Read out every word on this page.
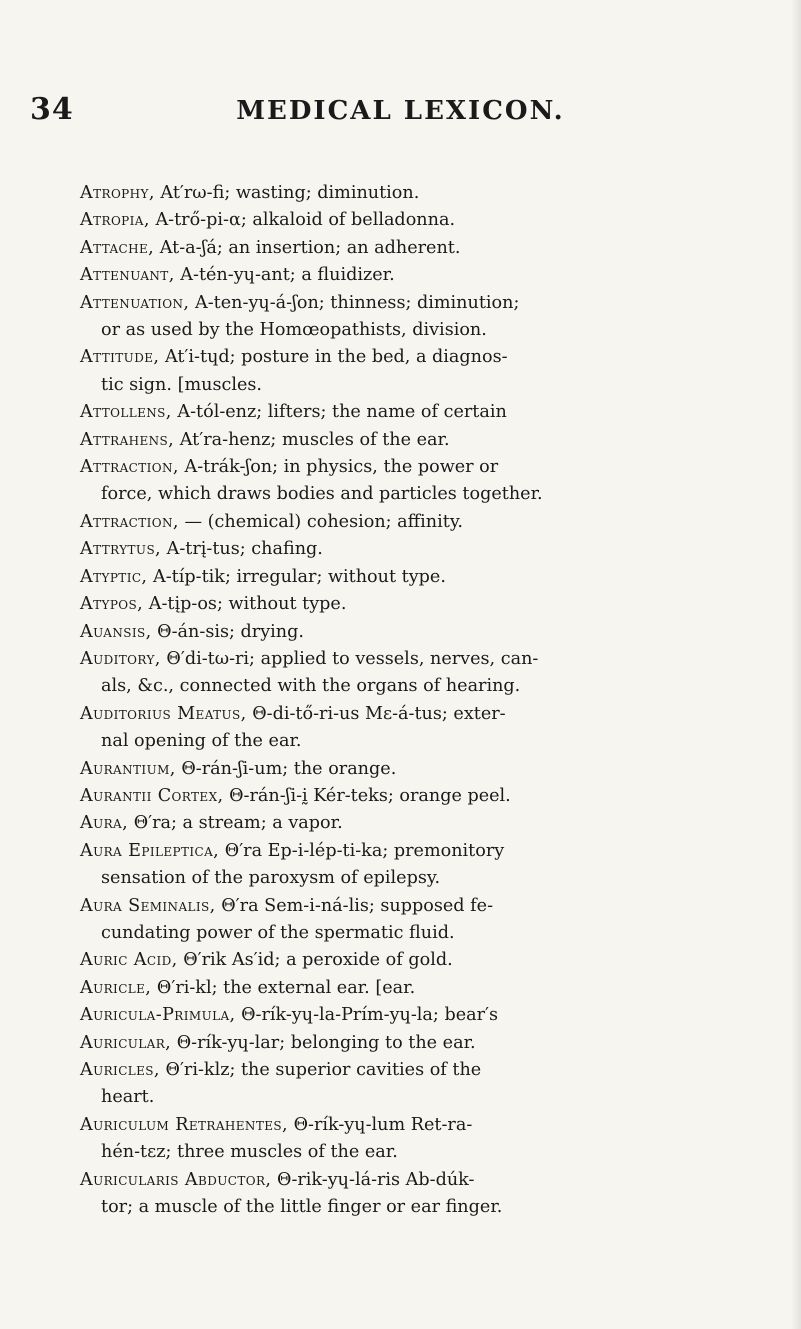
34	MEDICAL LEXICON.
Atrophy, At′rω-fi; wasting; diminution.
Atropia, A-trő-pi-α; alkaloid of belladonna.
Attache, At-a-ʃá; an insertion; an adherent.
Attenuant, A-tén-yɥ-ant; a fluidizer.
Attenuation, A-ten-yɥ-á-ʃon; thinness; diminution;
or as used by the Homœopathists, division.
Attitude, At′i-tɥd; posture in the bed, a diagnos-
tic sign. [muscles.
Attollens, A-tól-enz; lifters; the name of certain
Attrahens, At′ra-henz; muscles of the ear.
Attraction, A-trák-ʃon; in physics, the power or
force, which draws bodies and particles together.
Attraction, — (chemical) cohesion; affinity.
Attrytus, A-trį-tus; chafing.
Atyptic, A-típ-tik; irregular; without type.
Atypos, A-tįp-os; without type.
Auansis, Θ-án-sis; drying.
Auditory, Θ′di-tω-ri; applied to vessels, nerves, can-
als, &c., connected with the organs of hearing.
Auditorius Meatus, Θ-di-tő-ri-us Mɛ-á-tus; exter-
nal opening of the ear.
Aurantium, Θ-rán-ʃi-um; the orange.
Aurantii Cortex, Θ-rán-ʃi-ḭ Kér-teks; orange peel.
Aura, Θ′ra; a stream; a vapor.
Aura Epileptica, Θ′ra Ep-i-lép-ti-ka; premonitory
sensation of the paroxysm of epilepsy.
Aura Seminalis, Θ′ra Sem-i-ná-lis; supposed fe-
cundating power of the spermatic fluid.
Auric Acid, Θ′rik As′id; a peroxide of gold.
Auricle, Θ′ri-kl; the external ear. [ear.
Auricula-Primula, Θ-rík-yɥ-la-Prím-yɥ-la; bear′s
Auricular, Θ-rík-yɥ-lar; belonging to the ear.
Auricles, Θ′ri-klz; the superior cavities of the
heart.
Auriculum Retrahentes, Θ-rík-yɥ-lum Ret-ra-
hén-tɛz; three muscles of the ear.
Auricularis Abductor, Θ-rik-yɥ-lá-ris Ab-dúk-
tor; a muscle of the little finger or ear finger.
